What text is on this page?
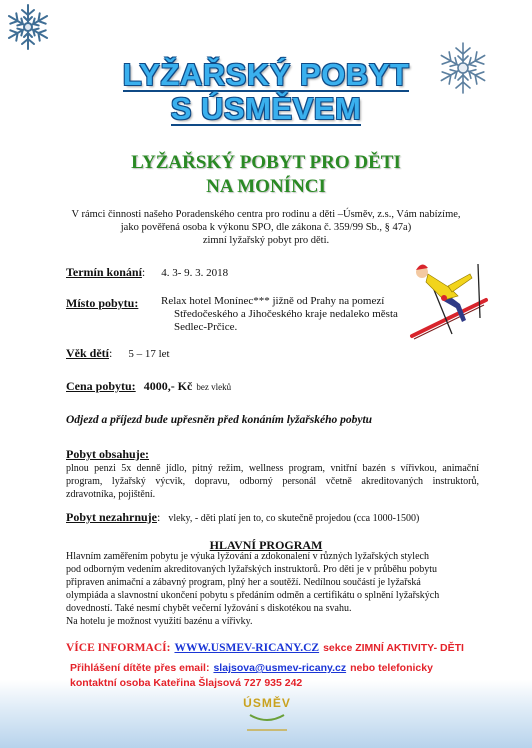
LYŽAŘSKÝ POBYT
S ÚSMĚVEM
LYŽAŘSKÝ POBYT PRO DĚTI
NA MONÍNCI
V rámci činnosti našeho Poradenského centra pro rodinu a děti –Úsměv, z.s., Vám nabízíme,
jako pověřená osoba k výkonu SPO, dle zákona č. 359/99 Sb., § 47a)
zimní lyžařský pobyt pro děti.
Termín konání: 4. 3- 9. 3. 2018
Místo pobytu: Relax hotel Monínec*** jižně od Prahy na pomezí
Středočeského a Jihočeského kraje nedaleko města
Sedlec-Prčice.
Věk dětí: 5 – 17 let
Cena pobytu: 4000,- Kč bez vleků
Odjezd a příjezd bude upřesněn před konáním lyžařského pobytu
Pobyt obsahuje:
plnou penzi 5x denně jídlo, pitný režim, wellness program, vnitřní bazén s vířivkou, animační
program, lyžařský výcvik, dopravu, odborný personál včetně akreditovaných instruktorů,
zdravotníka, pojištění.
Pobyt nezahrnuje: vleky, - děti platí jen to, co skutečně projedou (cca 1000-1500)
HLAVNÍ PROGRAM
Hlavním zaměřením pobytu je výuka lyžování a zdokonalení v různých lyžařských stylech
pod odborným vedením akreditovaných lyžařských instruktorů. Pro děti je v průběhu pobytu
připraven animační a zábavný program, plný her a soutěží. Nedílnou součástí je lyžařská
olympiáda a slavnostní ukončení pobytu s předáním odměn a certifikátu o splnění lyžařských
dovedností. Také nesmí chybět večerní lyžování s diskotékou na svahu.
Na hotelu je možnost využití bazénu a vířivky.
VÍCE INFORMACÍ: WWW.USMEV-RICANY.CZ sekce ZIMNÍ AKTIVITY- DĚTI
Přihlášení dítěte přes email: slajsova@usmev-ricany.cz nebo telefonicky
kontaktní osoba Kateřina Šlajsová 727 935 242
ÚSMĚV
